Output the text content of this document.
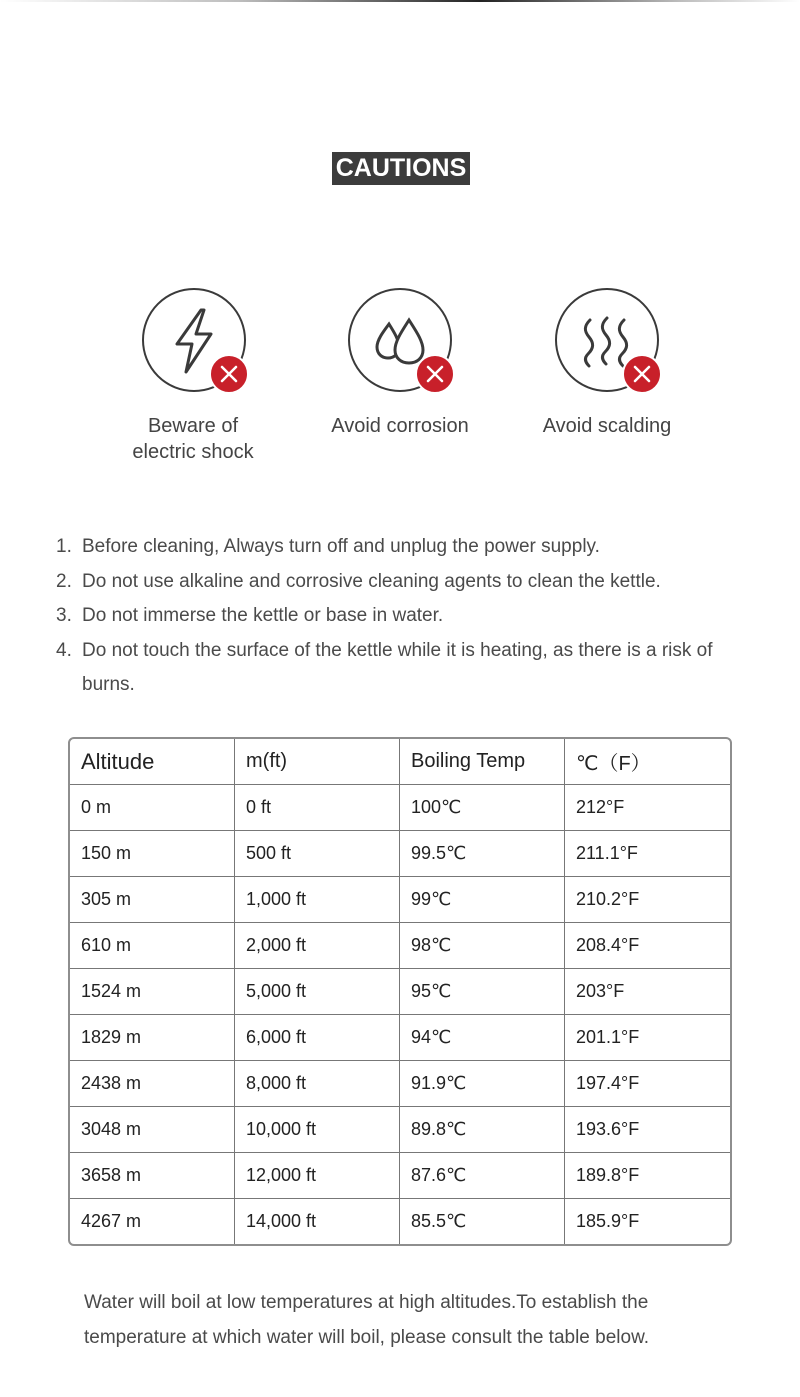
CAUTIONS
Beware of
electric shock
Avoid corrosion	Avoid scalding
1. Before cleaning, Always turn off and unplug the power supply.
2. Do not use alkaline and corrosive cleaning agents to clean the kettle.
3. Do not immerse the kettle or base in water.
4. Do not touch the surface of the kettle while it is heating, as there is a risk of burns.
Altitude	m(ft)	Boiling Temp	℃（F）
0 m	0 ft	100℃	212°F
150 m	500 ft	99.5℃	211.1°F
305 m	1,000 ft	99℃	210.2°F
610 m	2,000 ft	98℃	208.4°F
1524 m	5,000 ft	95℃	203°F
1829 m	6,000 ft	94℃	201.1°F
2438 m	8,000 ft	91.9℃	197.4°F
3048 m	10,000 ft	89.8℃	193.6°F
3658 m	12,000 ft	87.6℃	189.8°F
4267 m	14,000 ft	85.5℃	185.9°F
Water will boil at low temperatures at high altitudes.To establish the temperature at which water will boil, please consult the table below.
